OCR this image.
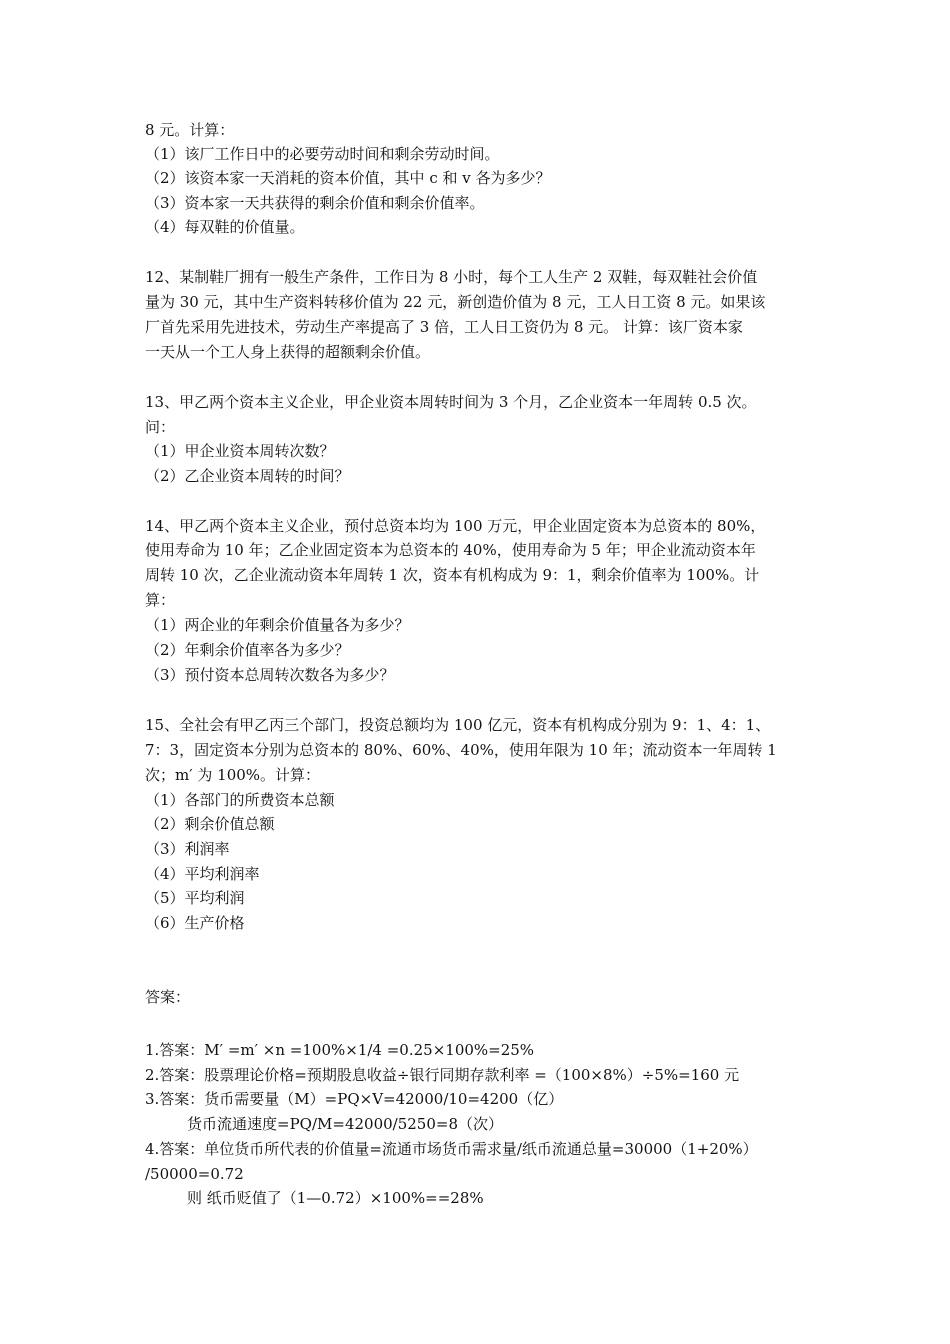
8 元。计算：
（1）该厂工作日中的必要劳动时间和剩余劳动时间。
（2）该资本家一天消耗的资本价值，其中 c 和 v 各为多少？
（3）资本家一天共获得的剩余价值和剩余价值率。
（4）每双鞋的价值量。
12、某制鞋厂拥有一般生产条件，工作日为 8 小时，每个工人生产 2 双鞋，每双鞋社会价值
量为 30 元，其中生产资料转移价值为 22 元，新创造价值为 8 元，工人日工资 8 元。如果该
厂首先采用先进技术，劳动生产率提高了 3 倍，工人日工资仍为 8 元。 计算：该厂资本家
一天从一个工人身上获得的超额剩余价值。
13、甲乙两个资本主义企业，甲企业资本周转时间为 3 个月，乙企业资本一年周转 0.5 次。
问：
（1）甲企业资本周转次数？
（2）乙企业资本周转的时间？
14、甲乙两个资本主义企业，预付总资本均为 100 万元，甲企业固定资本为总资本的 80%，
使用寿命为 10 年；乙企业固定资本为总资本的 40%，使用寿命为 5 年；甲企业流动资本年
周转 10 次，乙企业流动资本年周转 1 次，资本有机构成为 9：1，剩余价值率为 100%。计
算：
（1）两企业的年剩余价值量各为多少？
（2）年剩余价值率各为多少？
（3）预付资本总周转次数各为多少？
15、全社会有甲乙丙三个部门，投资总额均为 100 亿元，资本有机构成分别为 9：1、4：1、
7：3，固定资本分别为总资本的 80%、60%、40%，使用年限为 10 年；流动资本一年周转 1
次；m′ 为 100%。计算：
（1）各部门的所费资本总额
（2）剩余价值总额
（3）利润率
（4）平均利润率
（5）平均利润
（6）生产价格
答案：
1.答案：M′ =m′ ×n =100%×1/4 =0.25×100%=25%
2.答案：股票理论价格=预期股息收益÷银行同期存款利率 =（100×8%）÷5%=160 元
3.答案：货币需要量（M）=PQ×V=42000/10=4200（亿）
货币流通速度=PQ/M=42000/5250=8（次）
4.答案：单位货币所代表的价值量=流通市场货币需求量/纸币流通总量=30000（1+20%）
/50000=0.72
则 纸币贬值了（1—0.72）×100%==28%
